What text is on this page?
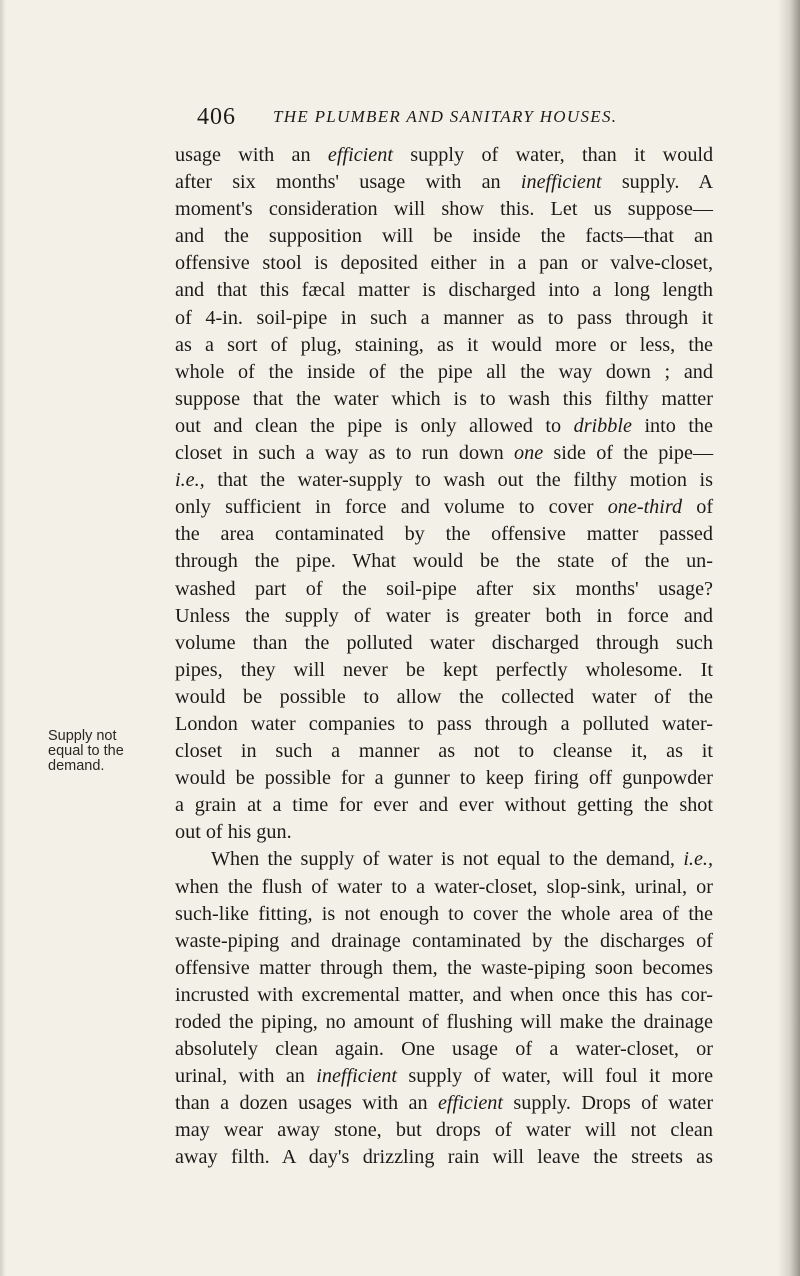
406 THE PLUMBER AND SANITARY HOUSES.
Supply not
equal to the
demand.
usage with an efficient supply of water, than it would
after six months' usage with an inefficient supply. A
moment's consideration will show this. Let us suppose—
and the supposition will be inside the facts—that an
offensive stool is deposited either in a pan or valve-closet,
and that this fæcal matter is discharged into a long length
of 4-in. soil-pipe in such a manner as to pass through it
as a sort of plug, staining, as it would more or less, the
whole of the inside of the pipe all the way down ; and
suppose that the water which is to wash this filthy matter
out and clean the pipe is only allowed to dribble into the
closet in such a way as to run down one side of the pipe—
i.e., that the water-supply to wash out the filthy motion is
only sufficient in force and volume to cover one-third of
the area contaminated by the offensive matter passed
through the pipe. What would be the state of the un-
washed part of the soil-pipe after six months' usage?
Unless the supply of water is greater both in force and
volume than the polluted water discharged through such
pipes, they will never be kept perfectly wholesome. It
would be possible to allow the collected water of the
London water companies to pass through a polluted water-
closet in such a manner as not to cleanse it, as it
would be possible for a gunner to keep firing off gunpowder
a grain at a time for ever and ever without getting the shot
out of his gun.
When the supply of water is not equal to the demand, i.e.,
when the flush of water to a water-closet, slop-sink, urinal, or
such-like fitting, is not enough to cover the whole area of the
waste-piping and drainage contaminated by the discharges of
offensive matter through them, the waste-piping soon becomes
incrusted with excremental matter, and when once this has cor-
roded the piping, no amount of flushing will make the drainage
absolutely clean again. One usage of a water-closet, or
urinal, with an inefficient supply of water, will foul it more
than a dozen usages with an efficient supply. Drops of water
may wear away stone, but drops of water will not clean
away filth. A day's drizzling rain will leave the streets as
